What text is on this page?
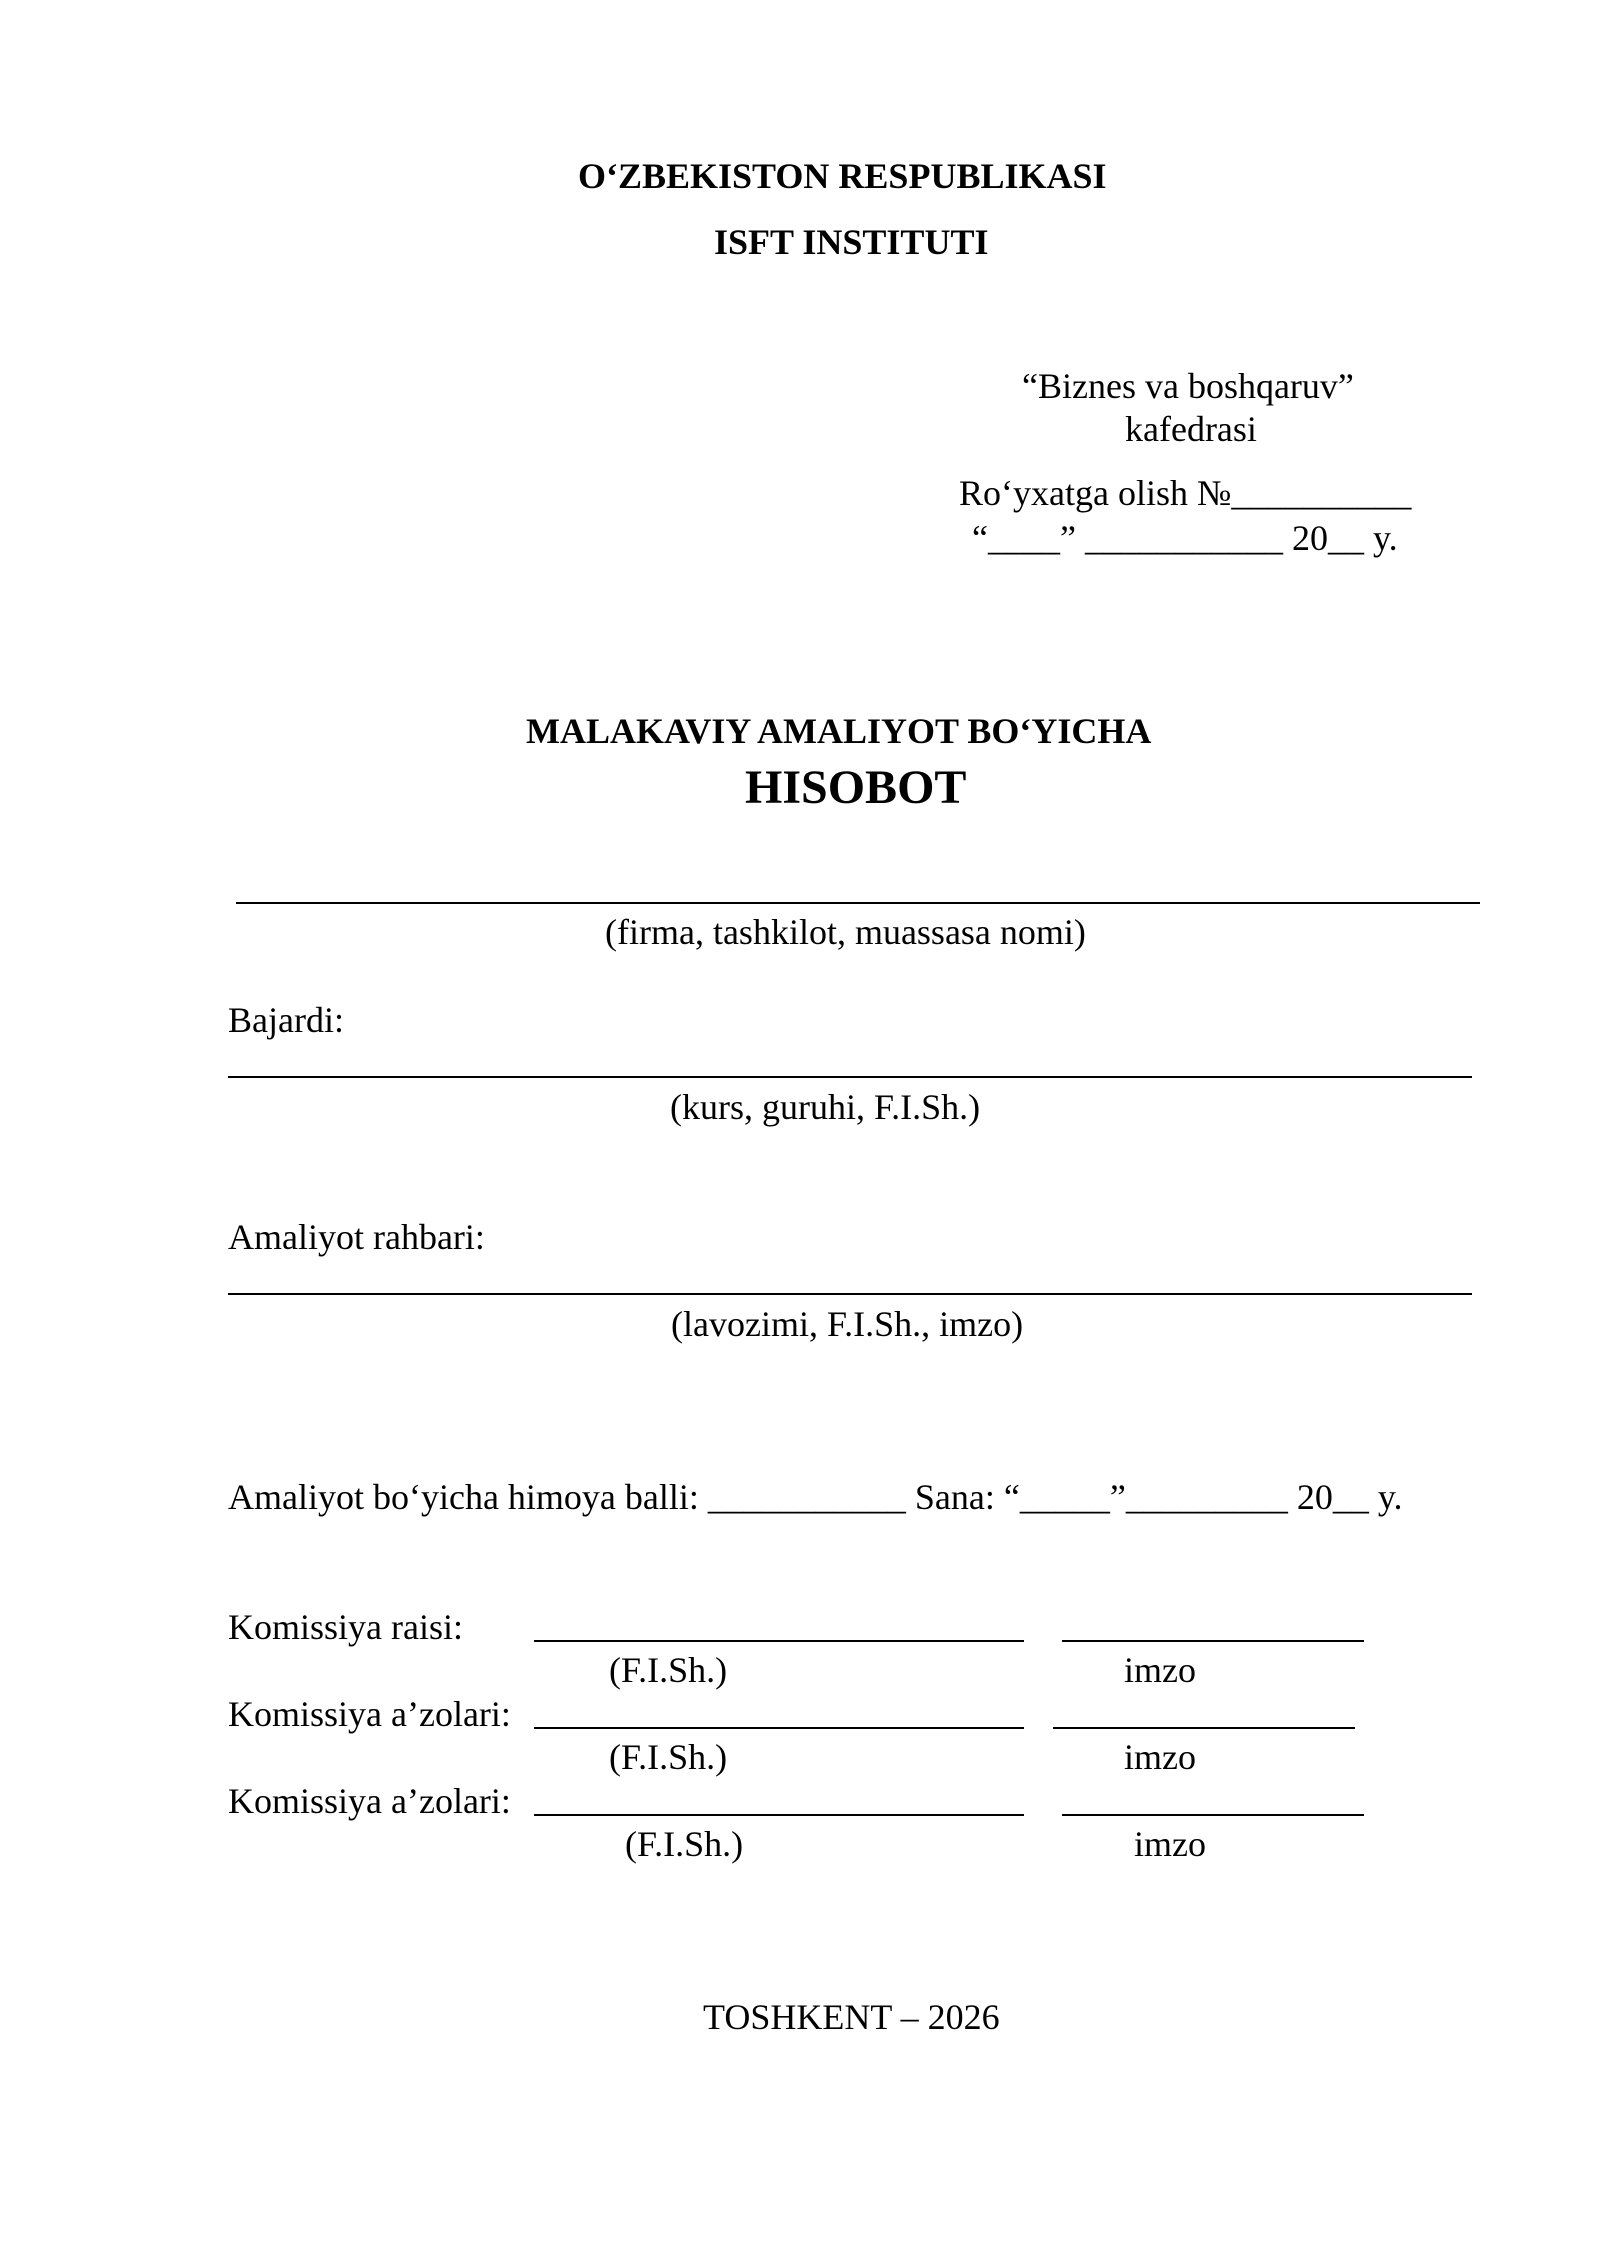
O‘ZBEKISTON RESPUBLIKASI
ISFT INSTITUTI
“Biznes va boshqaruv”
kafedrasi
Ro‘yxatga olish №__________
“____” ___________ 20__ y.
MALAKAVIY AMALIYOT BO‘YICHA
HISOBOT
(firma, tashkilot, muassasa nomi)
Bajardi:
(kurs, guruhi, F.I.Sh.)
Amaliyot rahbari:
(lavozimi, F.I.Sh., imzo)
Amaliyot bo‘yicha himoya balli: ___________ Sana: “_____”_________ 20__ y.
Komissiya raisi:
(F.I.Sh.)	imzo
Komissiya a’zolari:
(F.I.Sh.)	imzo
Komissiya a’zolari:
(F.I.Sh.)	imzo
TOSHKENT – 2026
